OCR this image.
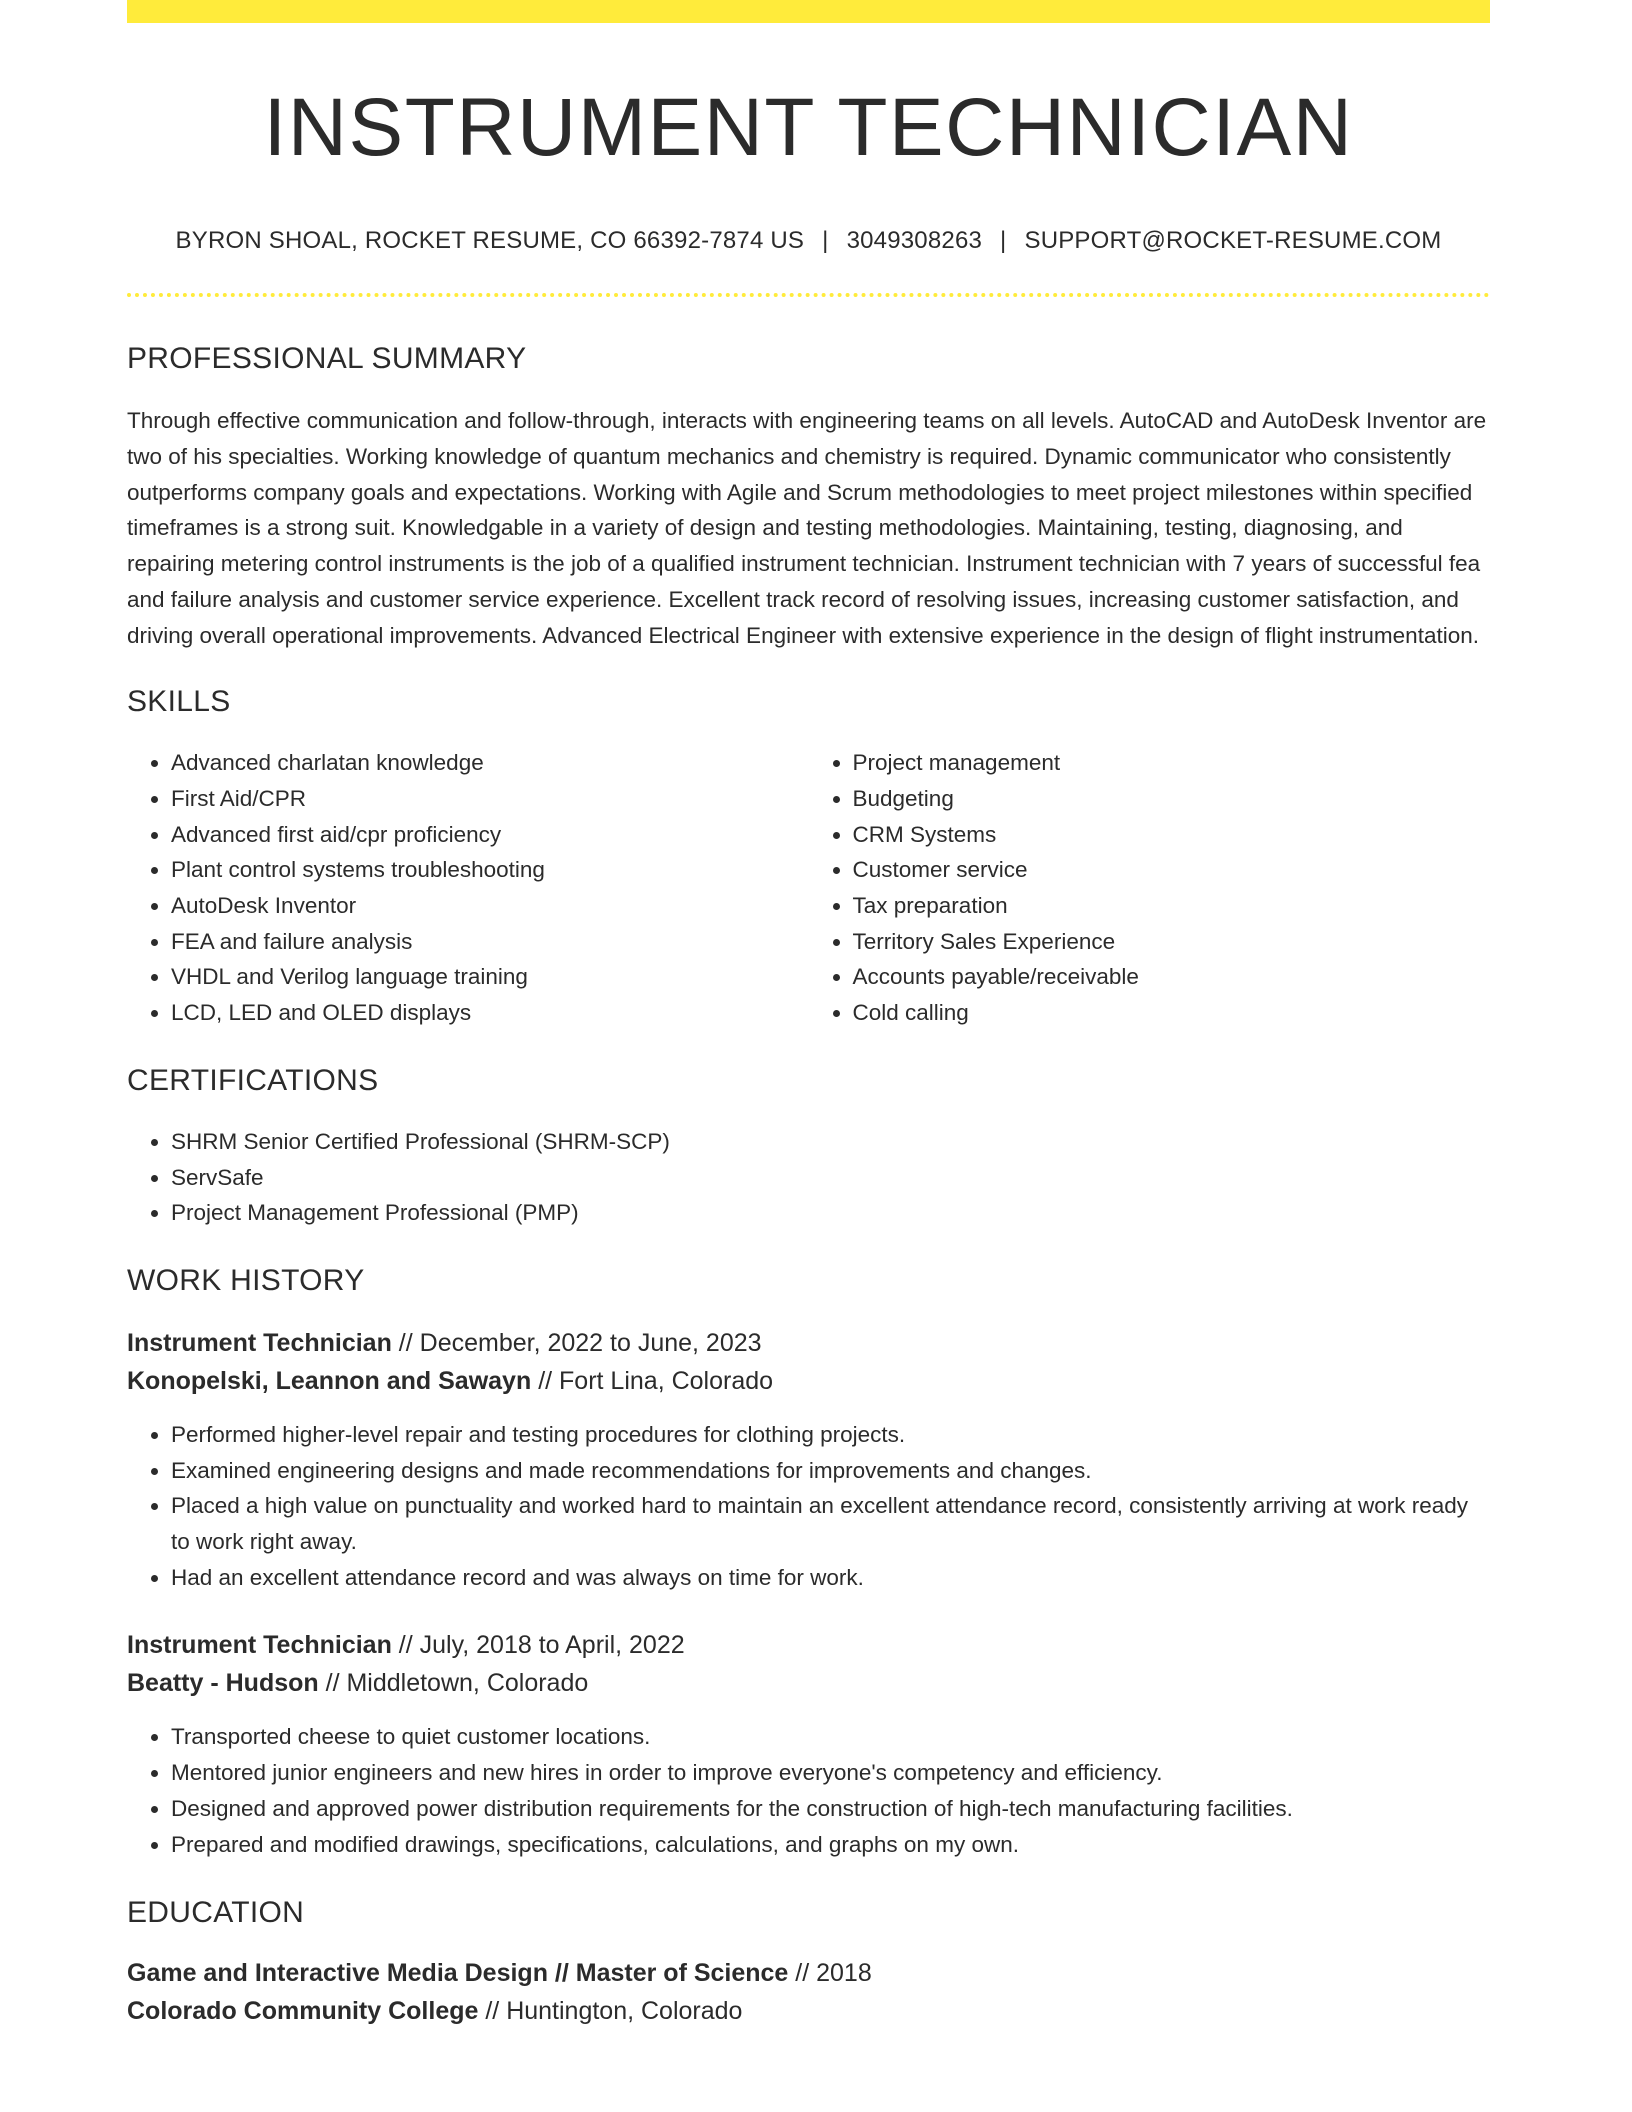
INSTRUMENT TECHNICIAN
BYRON SHOAL, ROCKET RESUME, CO 66392-7874 US | 3049308263 | SUPPORT@ROCKET-RESUME.COM
PROFESSIONAL SUMMARY
Through effective communication and follow-through, interacts with engineering teams on all levels. AutoCAD and AutoDesk Inventor are two of his specialties. Working knowledge of quantum mechanics and chemistry is required. Dynamic communicator who consistently outperforms company goals and expectations. Working with Agile and Scrum methodologies to meet project milestones within specified timeframes is a strong suit. Knowledgable in a variety of design and testing methodologies. Maintaining, testing, diagnosing, and repairing metering control instruments is the job of a qualified instrument technician. Instrument technician with 7 years of successful fea and failure analysis and customer service experience. Excellent track record of resolving issues, increasing customer satisfaction, and driving overall operational improvements. Advanced Electrical Engineer with extensive experience in the design of flight instrumentation.
SKILLS
• Advanced charlatan knowledge
• First Aid/CPR
• Advanced first aid/cpr proficiency
• Plant control systems troubleshooting
• AutoDesk Inventor
• FEA and failure analysis
• VHDL and Verilog language training
• LCD, LED and OLED displays
• Project management
• Budgeting
• CRM Systems
• Customer service
• Tax preparation
• Territory Sales Experience
• Accounts payable/receivable
• Cold calling
CERTIFICATIONS
• SHRM Senior Certified Professional (SHRM-SCP)
• ServSafe
• Project Management Professional (PMP)
WORK HISTORY
Instrument Technician // December, 2022 to June, 2023
Konopelski, Leannon and Sawayn // Fort Lina, Colorado
• Performed higher-level repair and testing procedures for clothing projects.
• Examined engineering designs and made recommendations for improvements and changes.
• Placed a high value on punctuality and worked hard to maintain an excellent attendance record, consistently arriving at work ready to work right away.
• Had an excellent attendance record and was always on time for work.
Instrument Technician // July, 2018 to April, 2022
Beatty - Hudson // Middletown, Colorado
• Transported cheese to quiet customer locations.
• Mentored junior engineers and new hires in order to improve everyone's competency and efficiency.
• Designed and approved power distribution requirements for the construction of high-tech manufacturing facilities.
• Prepared and modified drawings, specifications, calculations, and graphs on my own.
EDUCATION
Game and Interactive Media Design // Master of Science // 2018
Colorado Community College // Huntington, Colorado
